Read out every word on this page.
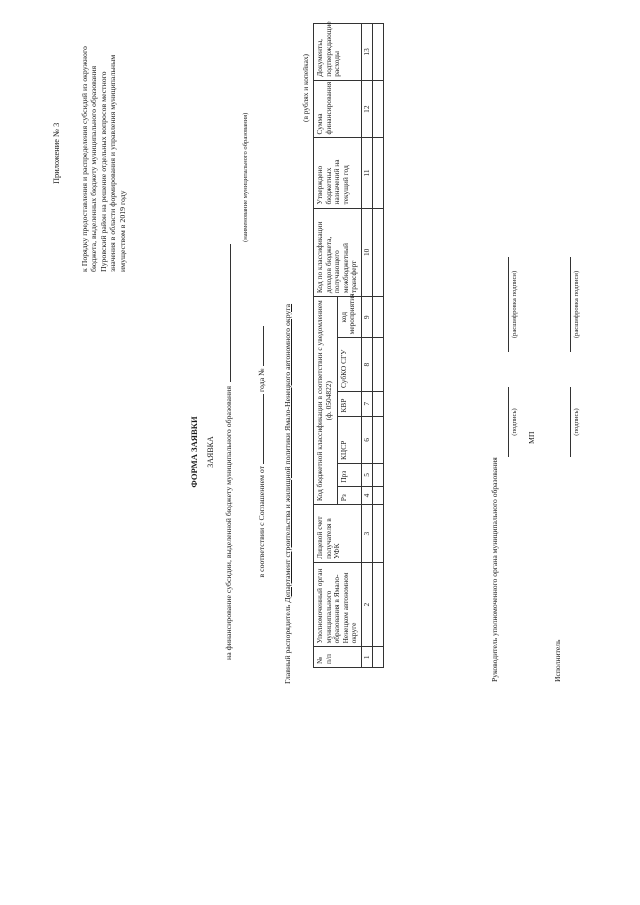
Приложение № 3 к Порядку предоставления и распределения субсидий из окружного бюджета, выделенных бюджету муниципального образования Пуровский район на решение отдельных вопросов местного значения в области формирования и управления муниципальным имуществом в 2019 году
ФОРМА ЗАЯВКИ ЗАЯВКА на финансирование субсидии, выделенной бюджету муниципального образования
(наименование муниципального образования)
в соответствии с Соглашением от  года №
Главный распорядитель Департамент строительства и жилищной политики Ямало-Ненецкого автономного округа
(в рублях и копейках)
№ п/п	Уполномоченный орган муниципального образования в Ямало-Ненецком автономном округе	Лицевой счет получателя в УФК	Код бюджетной классификации в соответствии с уведомлением (ф. 0504822)						Код по классификации доходов бюджета, получающего межбюджетный трансферт	Утверждено бюджетных назначений на текущий год	Сумма финансирования	Документы, подтверждающие расходы
			Рз	Прз	КЦСР	КВР	СубКО СГУ	код мероприятия				
1	2	3	4	5	6	7	8	9	10	11	12	13

Руководитель уполномоченного органа муниципального образования
(подпись)
(расшифровка подписи)
МП
Исполнитель
(подпись)
(расшифровка подписи)
